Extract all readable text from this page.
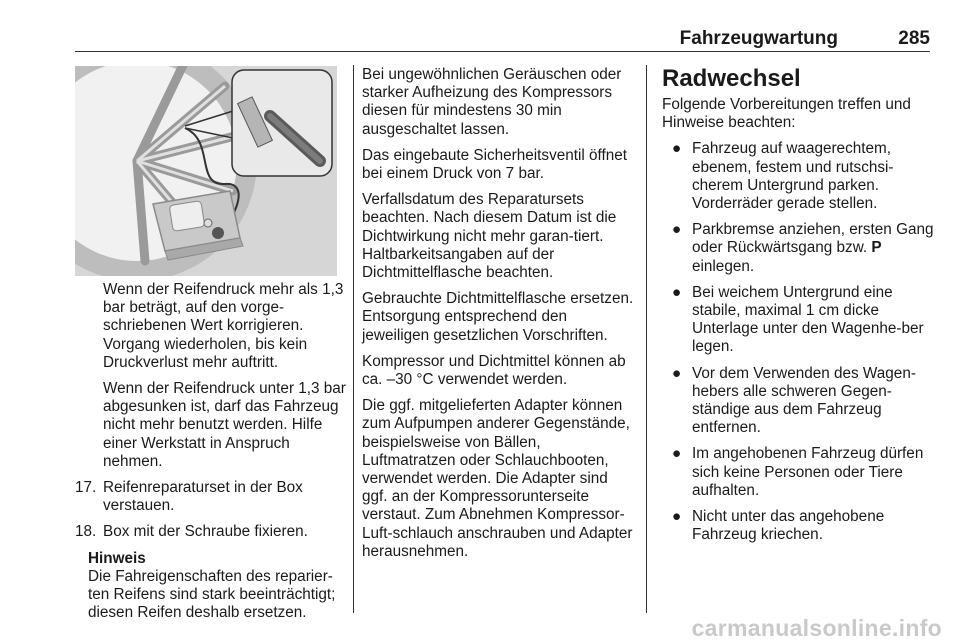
Fahrzeugwartung	285
Wenn der Reifendruck mehr als 1,3 bar beträgt, auf den vorge-schriebenen Wert korrigieren. Vorgang wiederholen, bis kein Druckverlust mehr auftritt.
Wenn der Reifendruck unter 1,3 bar abgesunken ist, darf das Fahrzeug nicht mehr benutzt werden. Hilfe einer Werkstatt in Anspruch nehmen.
17. Reifenreparaturset in der Box verstauen.
18. Box mit der Schraube fixieren.
Hinweis
Die Fahreigenschaften des reparier-ten Reifens sind stark beeinträchtigt; diesen Reifen deshalb ersetzen.
Bei ungewöhnlichen Geräuschen oder starker Aufheizung des Kompressors diesen für mindestens 30 min ausgeschaltet lassen.
Das eingebaute Sicherheitsventil öffnet bei einem Druck von 7 bar.
Verfallsdatum des Reparatursets beachten. Nach diesem Datum ist die Dichtwirkung nicht mehr garan-tiert. Haltbarkeitsangaben auf der Dichtmittelflasche beachten.
Gebrauchte Dichtmittelflasche ersetzen. Entsorgung entsprechend den jeweiligen gesetzlichen Vorschriften.
Kompressor und Dichtmittel können ab ca. –30 °C verwendet werden.
Die ggf. mitgelieferten Adapter können zum Aufpumpen anderer Gegenstände, beispielsweise von Bällen, Luftmatratzen oder Schlauchbooten, verwendet werden. Die Adapter sind ggf. an der Kompressorunterseite verstaut. Zum Abnehmen Kompressor-Luft-schlauch anschrauben und Adapter herausnehmen.
Radwechsel
Folgende Vorbereitungen treffen und Hinweise beachten:
● Fahrzeug auf waagerechtem, ebenem, festem und rutschsi-cherem Untergrund parken. Vorderräder gerade stellen.
● Parkbremse anziehen, ersten Gang oder Rückwärtsgang bzw. P einlegen.
● Bei weichem Untergrund eine stabile, maximal 1 cm dicke Unterlage unter den Wagenhe-ber legen.
● Vor dem Verwenden des Wagen-hebers alle schweren Gegen-ständige aus dem Fahrzeug entfernen.
● Im angehobenen Fahrzeug dürfen sich keine Personen oder Tiere aufhalten.
● Nicht unter das angehobene Fahrzeug kriechen.
carmanualsonline.info
